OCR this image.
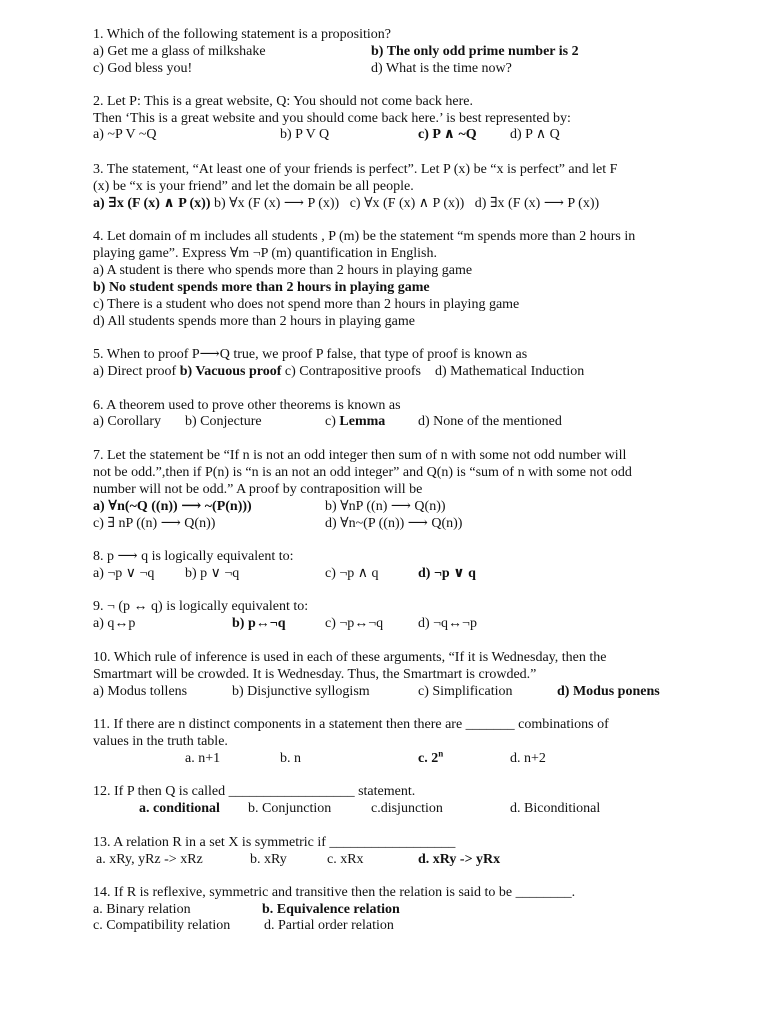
1. Which of the following statement is a proposition?
a) Get me a glass of milkshake	b) The only odd prime number is 2
c) God bless you!	d) What is the time now?
2. Let P: This is a great website, Q: You should not come back here.
Then ‘This is a great website and you should come back here.’ is best represented by:
a) ~P V ~Q	b) P V Q	c) P ∧ ~Q d) P ∧ Q
3. The statement, “At least one of your friends is perfect”. Let P (x) be “x is perfect” and let F
(x) be “x is your friend” and let the domain be all people.
a) ∃x (F (x) ∧ P (x)) b) ∀x (F (x) ⟶ P (x))   c) ∀x (F (x) ∧ P (x))   d) ∃x (F (x) ⟶ P (x))
4. Let domain of m includes all students , P (m) be the statement “m spends more than 2 hours in
playing game”. Express ∀m ¬P (m) quantification in English.
a) A student is there who spends more than 2 hours in playing game
b) No student spends more than 2 hours in playing game
c) There is a student who does not spend more than 2 hours in playing game
d) All students spends more than 2 hours in playing game
5. When to proof P⟶Q true, we proof P false, that type of proof is known as
a) Direct proof b) Vacuous proof c) Contrapositive proofs    d) Mathematical Induction
6. A theorem used to prove other theorems is known as
a) Corollary b) Conjecture	c) Lemma d) None of the mentioned
7. Let the statement be “If n is not an odd integer then sum of n with some not odd number will
not be odd.”,then if P(n) is “n is an not an odd integer” and Q(n) is “sum of n with some not odd
number will not be odd.” A proof by contraposition will be
a) ∀n(~Q ((n)) ⟶ ~(P(n)))	b) ∀nP ((n) ⟶ Q(n))
c) ∃ nP ((n) ⟶ Q(n))	d) ∀n~(P ((n)) ⟶ Q(n))
8. p ⟶ q is logically equivalent to:
a) ¬p ∨ ¬q b) p ∨ ¬q	c) ¬p ∧ q	d) ¬p ∨ q
9. ¬ (p ↔ q) is logically equivalent to:
a) q↔p	b) p↔¬q	c) ¬p↔¬q d) ¬q↔¬p
10. Which rule of inference is used in each of these arguments, “If it is Wednesday, then the
Smartmart will be crowded. It is Wednesday. Thus, the Smartmart is crowded.”
a) Modus tollens	b) Disjunctive syllogism	c) Simplification	d) Modus ponens
11. If there are n distinct components in a statement then there are _______ combinations of
values in the truth table.
a. n+1	b. n	c. 2$^n$	d. n+2
12. If P then Q is called __________________ statement.
a. conditional b. Conjunction	c.disjunction	d. Biconditional
13. A relation R in a set X is symmetric if __________________
a. xRy, yRz -> xRz	b. xRy	c. xRx	d. xRy -> yRx
14. If R is reflexive, symmetric and transitive then the relation is said to be ________.
a. Binary relation	b. Equivalence relation
c. Compatibility relation d. Partial order relation
